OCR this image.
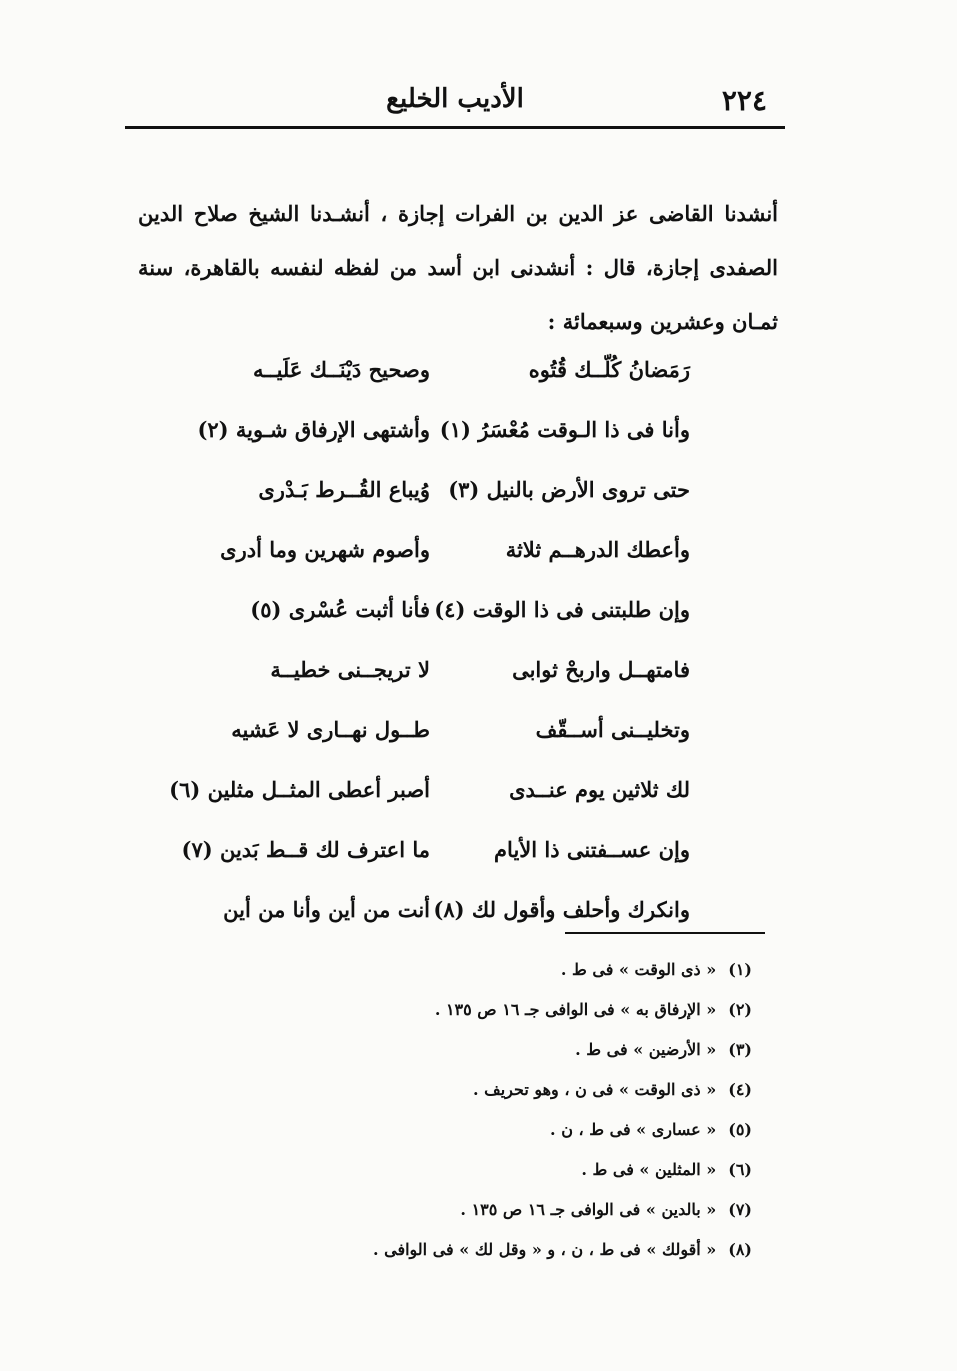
٢٢٤
الأديب الخليع

أنشدنا القاضى عز الدين بن الفرات إجازة ، أنشـدنا الشيخ صلاح الدين الصفدى إجازة، قال : أنشدنى ابن أسد من لفظه لنفسه بالقاهرة، سنة ثمـان وعشرين وسبعمائة :

رَمَضانُ كُلّــك قُتُوه
وصحيح دَيْنَــك عَلَيــه
وأنا فى ذا الـوقت مُعْسَرُ (١)
وأشتهى الإرفاق شـوية (٢)
حتى تروى الأرض بالنيل (٣)
وُيباع القُــرط بَـدْرى
وأعطك الدرهــم ثلاثة
وأصوم شهرين وما أدرى
وإن طلبتنى فى ذا الوقت (٤)
فأنا أثبت عُسْرى (٥)
فامتهــل واربحْ ثوابى
لا تريجــنى خطيــة
وتخليــنى أســقّف
طــول نهــارى لا عَشيه
لك ثلاثين يوم عنــدى
أصبر أعطى المثــل مثلين (٦)
وإن عســفتنى ذا الأيام
ما اعترف لك قــط بَدين (٧)
وانكرك وأحلف وأقول لك (٨)
أنت من أين وأنا من أين
(١)« ذى الوقت » فى ط .
(٢)« الإرفاق به » فى الوافى جـ ١٦ ص ١٣٥ .
(٣)« الأرضين » فى ط .
(٤)« ذى الوقت » فى ن ، وهو تحريف .
(٥)« عسارى » فى ط ، ن .
(٦)« المثلين » فى ط .
(٧)« بالدين » فى الوافى جـ ١٦ ص ١٣٥ .
(٨)« أقولك » فى ط ، ن ، و « وقل لك » فى الوافى .
